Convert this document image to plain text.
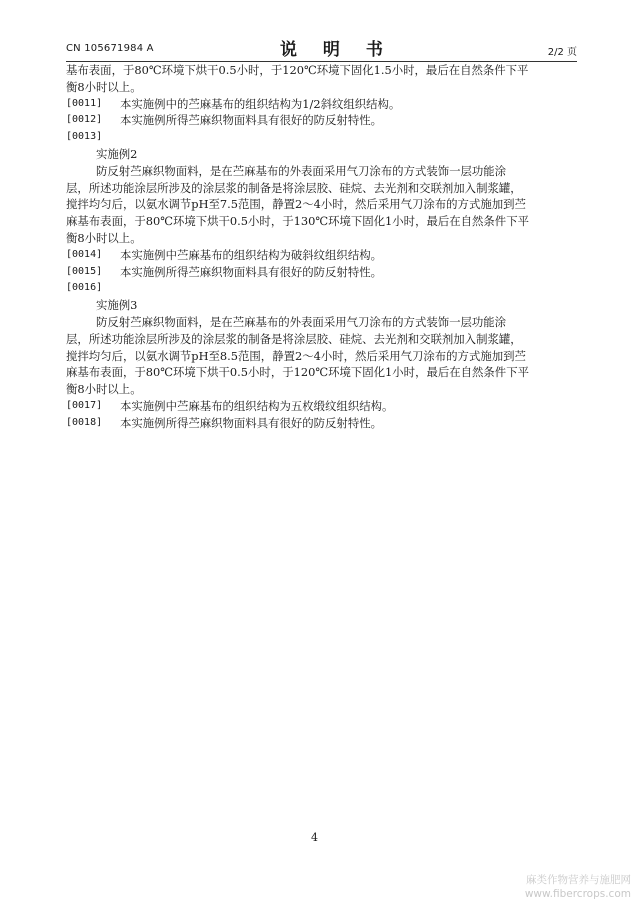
CN 105671984 A	说 明 书	2/2 页
基布表面，于80℃环境下烘干0.5小时，于120℃环境下固化1.5小时，最后在自然条件下平
衡8小时以上。
[0011]	本实施例中的苎麻基布的组织结构为1/2斜纹组织结构。
[0012]	本实施例所得苎麻织物面料具有很好的防反射特性。
[0013]
实施例2
防反射苎麻织物面料，是在苎麻基布的外表面采用气刀涂布的方式装饰一层功能涂
层，所述功能涂层所涉及的涂层浆的制备是将涂层胶、硅烷、去光剂和交联剂加入制浆罐，
搅拌均匀后，以氨水调节pH至7.5范围，静置2～4小时，然后采用气刀涂布的方式施加到苎
麻基布表面，于80℃环境下烘干0.5小时，于130℃环境下固化1小时，最后在自然条件下平
衡8小时以上。
[0014]	本实施例中苎麻基布的组织结构为破斜纹组织结构。
[0015]	本实施例所得苎麻织物面料具有很好的防反射特性。
[0016]
实施例3
防反射苎麻织物面料，是在苎麻基布的外表面采用气刀涂布的方式装饰一层功能涂
层，所述功能涂层所涉及的涂层浆的制备是将涂层胶、硅烷、去光剂和交联剂加入制浆罐，
搅拌均匀后，以氨水调节pH至8.5范围，静置2～4小时，然后采用气刀涂布的方式施加到苎
麻基布表面，于80℃环境下烘干0.5小时，于120℃环境下固化1小时，最后在自然条件下平
衡8小时以上。
[0017]	本实施例中苎麻基布的组织结构为五枚缎纹组织结构。
[0018]	本实施例所得苎麻织物面料具有很好的防反射特性。
4
麻类作物营养与施肥网
www.fibercrops.com
